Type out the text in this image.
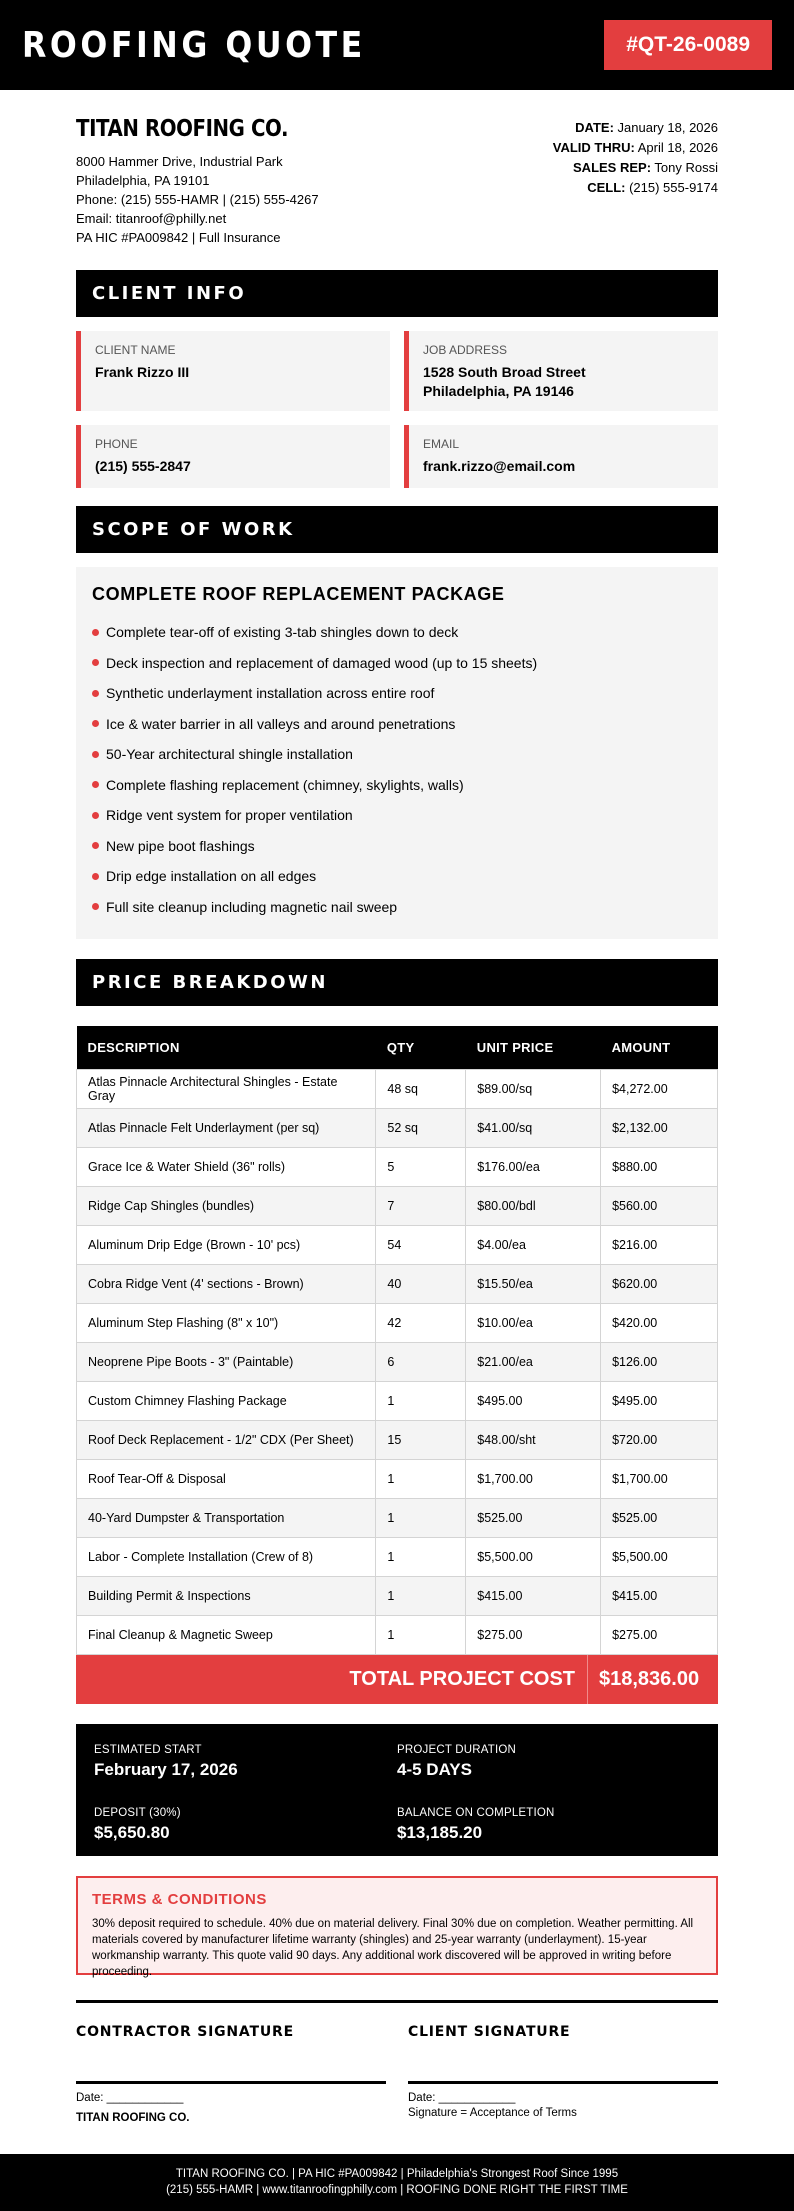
ROOFING QUOTE	#QT-26-0089
TITAN ROOFING CO.
8000 Hammer Drive, Industrial Park
Philadelphia, PA 19101
Phone: (215) 555-HAMR | (215) 555-4267
Email: titanroof@philly.net
PA HIC #PA009842 | Full Insurance
DATE: January 18, 2026
VALID THRU: April 18, 2026
SALES REP: Tony Rossi
CELL: (215) 555-9174
CLIENT INFO
CLIENT NAME
Frank Rizzo III
JOB ADDRESS
1528 South Broad Street
Philadelphia, PA 19146
PHONE
(215) 555-2847
EMAIL
frank.rizzo@email.com
SCOPE OF WORK
COMPLETE ROOF REPLACEMENT PACKAGE
Complete tear-off of existing 3-tab shingles down to deck
Deck inspection and replacement of damaged wood (up to 15 sheets)
Synthetic underlayment installation across entire roof
Ice & water barrier in all valleys and around penetrations
50-Year architectural shingle installation
Complete flashing replacement (chimney, skylights, walls)
Ridge vent system for proper ventilation
New pipe boot flashings
Drip edge installation on all edges
Full site cleanup including magnetic nail sweep
PRICE BREAKDOWN
DESCRIPTION	QTY	UNIT PRICE	AMOUNT
Atlas Pinnacle Architectural Shingles - Estate Gray	48 sq	$89.00/sq	$4,272.00
Atlas Pinnacle Felt Underlayment (per sq)	52 sq	$41.00/sq	$2,132.00
Grace Ice & Water Shield (36" rolls)	5	$176.00/ea	$880.00
Ridge Cap Shingles (bundles)	7	$80.00/bdl	$560.00
Aluminum Drip Edge (Brown - 10' pcs)	54	$4.00/ea	$216.00
Cobra Ridge Vent (4' sections - Brown)	40	$15.50/ea	$620.00
Aluminum Step Flashing (8" x 10")	42	$10.00/ea	$420.00
Neoprene Pipe Boots - 3" (Paintable)	6	$21.00/ea	$126.00
Custom Chimney Flashing Package	1	$495.00	$495.00
Roof Deck Replacement - 1/2" CDX (Per Sheet)	15	$48.00/sht	$720.00
Roof Tear-Off & Disposal	1	$1,700.00	$1,700.00
40-Yard Dumpster & Transportation	1	$525.00	$525.00
Labor - Complete Installation (Crew of 8)	1	$5,500.00	$5,500.00
Building Permit & Inspections	1	$415.00	$415.00
Final Cleanup & Magnetic Sweep	1	$275.00	$275.00
TOTAL PROJECT COST	$18,836.00
ESTIMATED START
February 17, 2026
PROJECT DURATION
4-5 DAYS
DEPOSIT (30%)
$5,650.80
BALANCE ON COMPLETION
$13,185.20
TERMS & CONDITIONS
30% deposit required to schedule. 40% due on material delivery. Final 30% due on completion. Weather permitting. All materials covered by manufacturer lifetime warranty (shingles) and 25-year warranty (underlayment). 15-year workmanship warranty. This quote valid 90 days. Any additional work discovered will be approved in writing before proceeding.
CONTRACTOR SIGNATURE
Date: ____________
TITAN ROOFING CO.
CLIENT SIGNATURE
Date: ____________
Signature = Acceptance of Terms
TITAN ROOFING CO. | PA HIC #PA009842 | Philadelphia's Strongest Roof Since 1995
(215) 555-HAMR | www.titanroofingphilly.com | ROOFING DONE RIGHT THE FIRST TIME
